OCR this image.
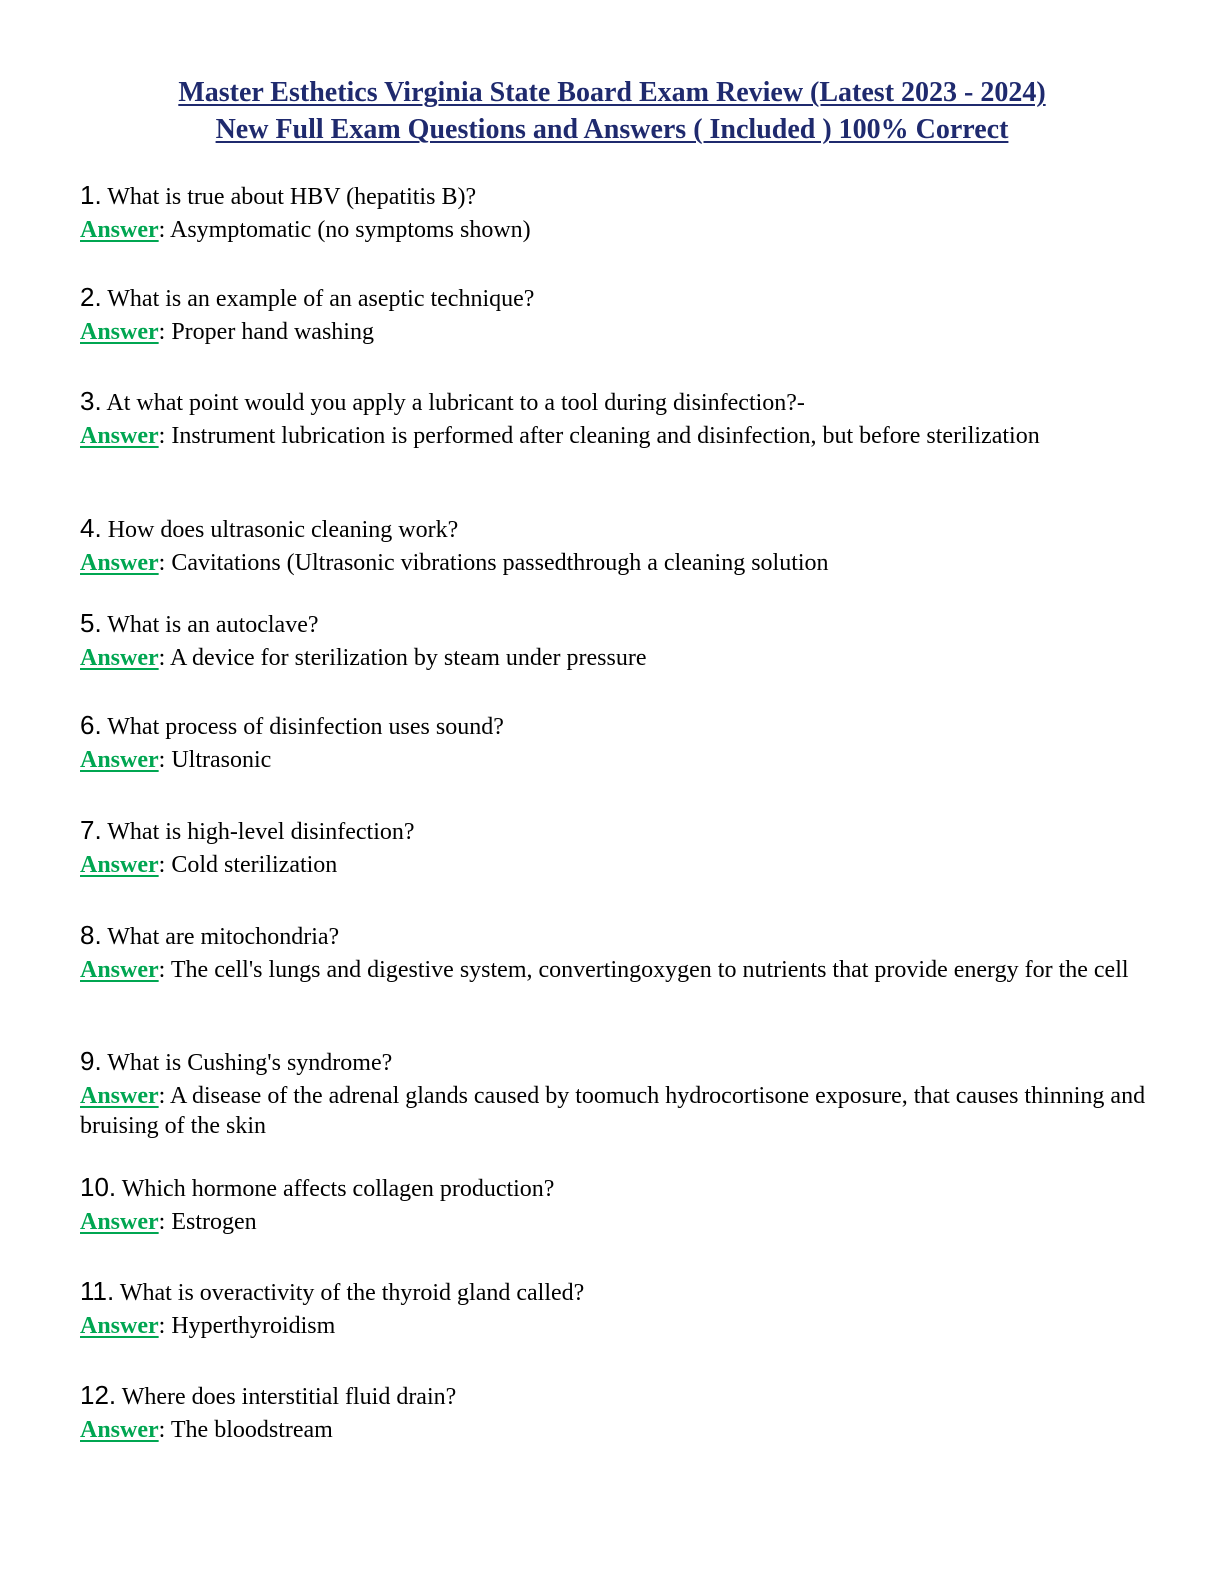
Master Esthetics Virginia State Board Exam Review (Latest 2023 - 2024)
New Full Exam Questions and Answers ( Included ) 100% Correct
1. What is true about HBV (hepatitis B)?
Answer: Asymptomatic (no symptoms shown)
2. What is an example of an aseptic technique?
Answer: Proper hand washing
3. At what point would you apply a lubricant to a tool during disinfection?-
Answer: Instrument lubrication is performed after cleaning and disinfection, but before sterilization
4. How does ultrasonic cleaning work?
Answer: Cavitations (Ultrasonic vibrations passedthrough a cleaning solution
5. What is an autoclave?
Answer: A device for sterilization by steam under pressure
6. What process of disinfection uses sound?
Answer: Ultrasonic
7. What is high-level disinfection?
Answer: Cold sterilization
8. What are mitochondria?
Answer: The cell's lungs and digestive system, convertingoxygen to nutrients that provide energy for the cell
9. What is Cushing's syndrome?
Answer: A disease of the adrenal glands caused by toomuch hydrocortisone exposure, that causes thinning and bruising of the skin
10. Which hormone affects collagen production?
Answer: Estrogen
11. What is overactivity of the thyroid gland called?
Answer: Hyperthyroidism
12. Where does interstitial fluid drain?
Answer: The bloodstream
